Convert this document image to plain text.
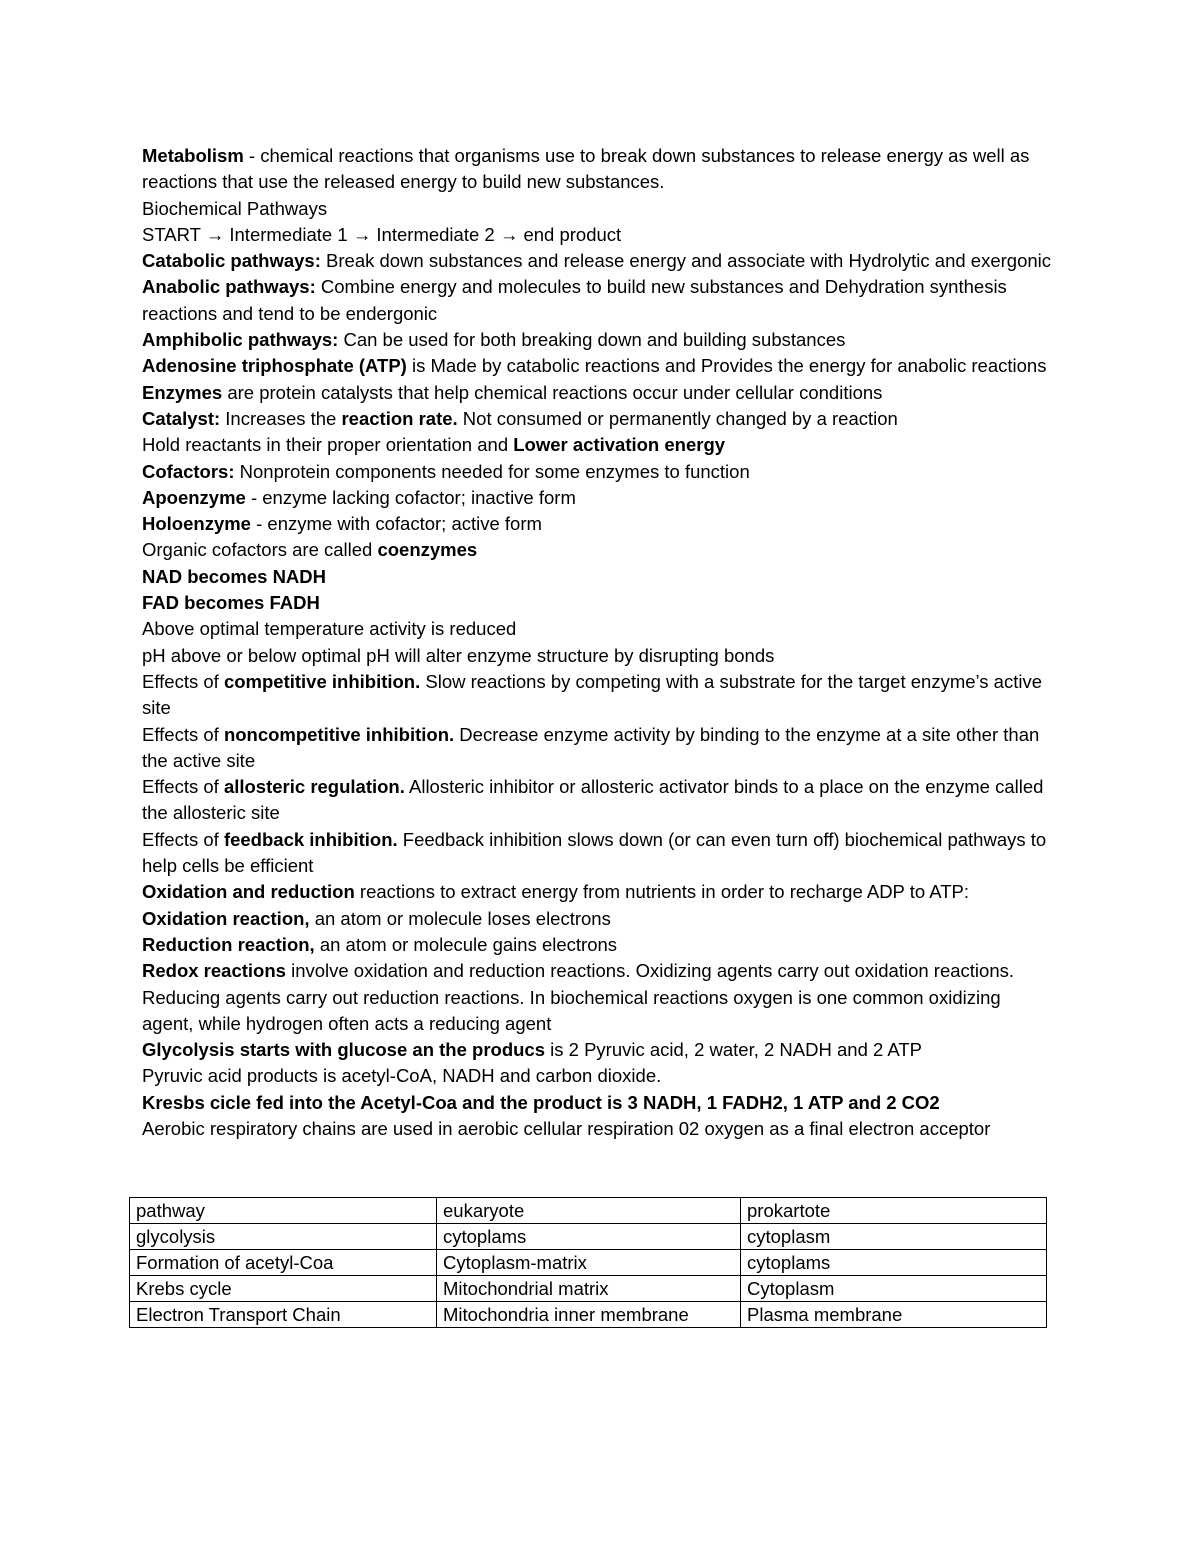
Metabolism - chemical reactions that organisms use to break down substances to release energy as well as reactions that use the released energy to build new substances.

Biochemical Pathways

START → Intermediate 1 → Intermediate 2 → end product

Catabolic pathways: Break down substances and release energy and associate with Hydrolytic and exergonic

Anabolic pathways: Combine energy and molecules to build new substances and Dehydration synthesis reactions and tend to be endergonic

Amphibolic pathways: Can be used for both breaking down and building substances

Adenosine triphosphate (ATP) is Made by catabolic reactions and Provides the energy for anabolic reactions

Enzymes are protein catalysts that help chemical reactions occur under cellular conditions

Catalyst: Increases the reaction rate. Not consumed or permanently changed by a reaction

Hold reactants in their proper orientation and Lower activation energy

Cofactors: Nonprotein components needed for some enzymes to function

Apoenzyme - enzyme lacking cofactor; inactive form

Holoenzyme - enzyme with cofactor; active form

Organic cofactors are called coenzymes

NAD becomes NADH

FAD becomes FADH

Above optimal temperature activity is reduced

pH above or below optimal pH will alter enzyme structure by disrupting bonds

Effects of competitive inhibition. Slow reactions by competing with a substrate for the target enzyme’s active site

Effects of noncompetitive inhibition. Decrease enzyme activity by binding to the enzyme at a site other than the active site

Effects of allosteric regulation. Allosteric inhibitor or allosteric activator binds to a place on the enzyme called the allosteric site

Effects of feedback inhibition. Feedback inhibition slows down (or can even turn off) biochemical pathways to help cells be efficient

Oxidation and reduction reactions to extract energy from nutrients in order to recharge ADP to ATP:

Oxidation reaction, an atom or molecule loses electrons

Reduction reaction, an atom or molecule gains electrons

Redox reactions involve oxidation and reduction reactions. Oxidizing agents carry out oxidation reactions. Reducing agents carry out reduction reactions. In biochemical reactions oxygen is one common oxidizing agent, while hydrogen often acts a reducing agent

Glycolysis starts with glucose an the producs is 2 Pyruvic acid, 2 water, 2 NADH and 2 ATP

Pyruvic acid products is acetyl-CoA, NADH and carbon dioxide.

Kresbs cicle fed into the Acetyl-Coa and the product is 3 NADH, 1 FADH2, 1 ATP and 2 CO2

Aerobic respiratory chains are used in aerobic cellular respiration 02 oxygen as a final electron acceptor

pathway	eukaryote	prokartote
glycolysis	cytoplams	cytoplasm
Formation of acetyl-Coa	Cytoplasm-matrix	cytoplams
Krebs cycle	Mitochondrial matrix	Cytoplasm
Electron Transport Chain	Mitochondria inner membrane	Plasma membrane
